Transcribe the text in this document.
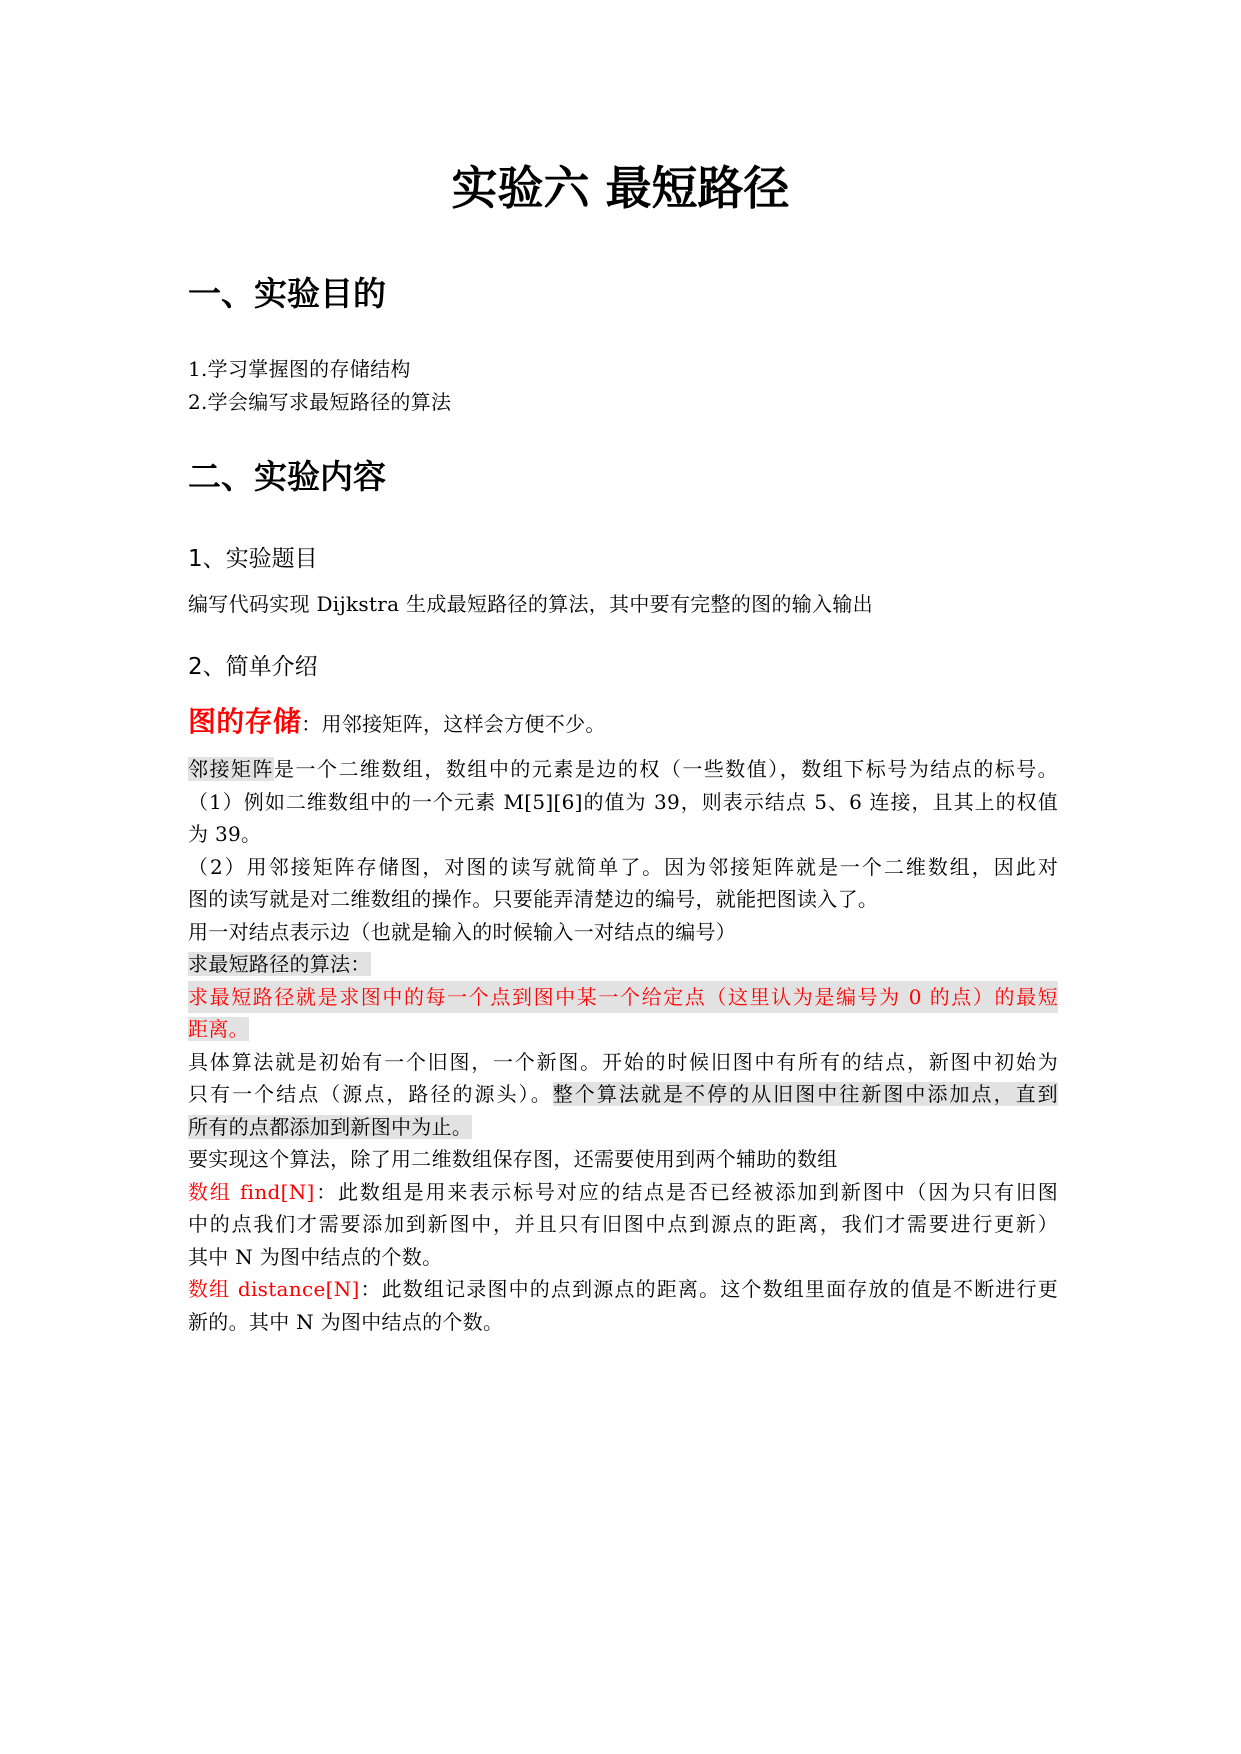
实验六 最短路径
一、实验目的
1.学习掌握图的存储结构
2.学会编写求最短路径的算法
二、实验内容
1、实验题目
编写代码实现 Dijkstra 生成最短路径的算法，其中要有完整的图的输入输出
2、简单介绍
图的存储：用邻接矩阵，这样会方便不少。
邻接矩阵是一个二维数组，数组中的元素是边的权（一些数值），数组下标号为结点的标号。
（1）例如二维数组中的一个元素 M[5][6]的值为 39，则表示结点 5、6 连接，且其上的权值
为 39。
（2）用邻接矩阵存储图，对图的读写就简单了。因为邻接矩阵就是一个二维数组，因此对
图的读写就是对二维数组的操作。只要能弄清楚边的编号，就能把图读入了。
用一对结点表示边（也就是输入的时候输入一对结点的编号）
求最短路径的算法：
求最短路径就是求图中的每一个点到图中某一个给定点（这里认为是编号为 0 的点）的最短
距离。
具体算法就是初始有一个旧图，一个新图。开始的时候旧图中有所有的结点，新图中初始为
只有一个结点（源点，路径的源头）。整个算法就是不停的从旧图中往新图中添加点，直到
所有的点都添加到新图中为止。
要实现这个算法，除了用二维数组保存图，还需要使用到两个辅助的数组
数组 find[N]：此数组是用来表示标号对应的结点是否已经被添加到新图中（因为只有旧图
中的点我们才需要添加到新图中，并且只有旧图中点到源点的距离，我们才需要进行更新）
其中 N 为图中结点的个数。
数组 distance[N]：此数组记录图中的点到源点的距离。这个数组里面存放的值是不断进行更
新的。其中 N 为图中结点的个数。
